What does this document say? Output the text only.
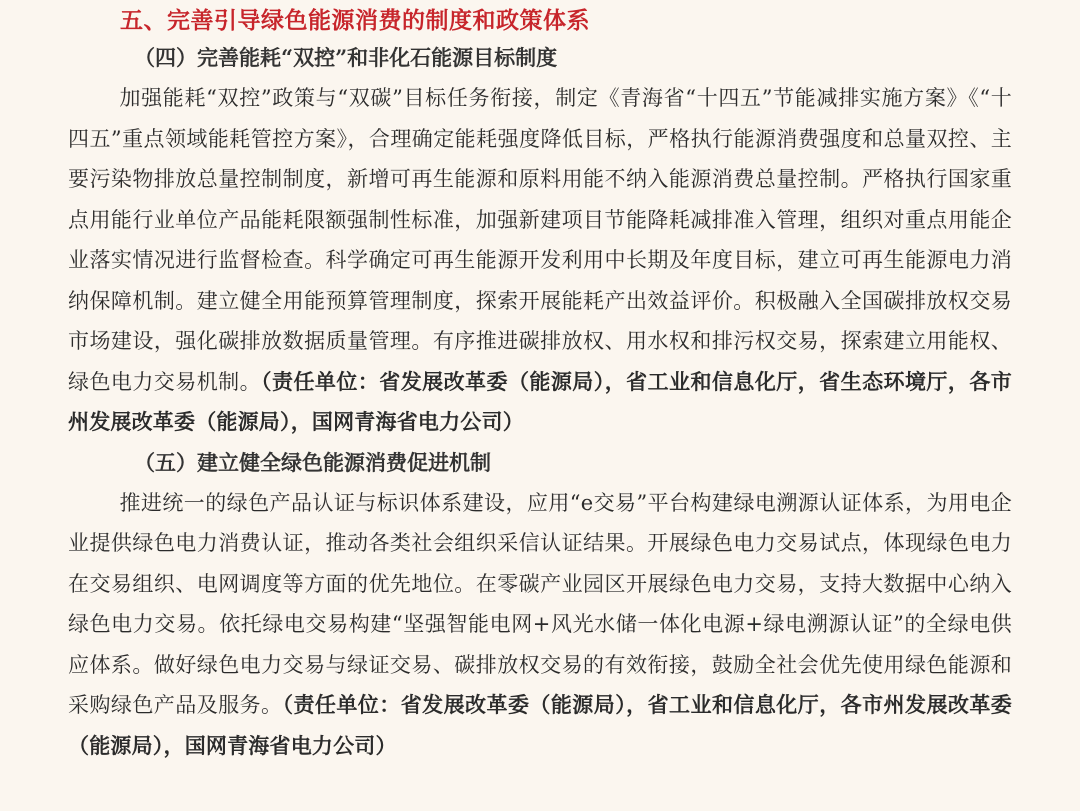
五、完善引导绿色能源消费的制度和政策体系
（四）完善能耗“双控”和非化石能源目标制度

加强能耗“双控”政策与“双碳”目标任务衔接，制定《青海省“十四五”节能减排实施方案》《“十四五”重点领域能耗管控方案》，合理确定能耗强度降低目标，严格执行能源消费强度和总量双控、主要污染物排放总量控制制度，新增可再生能源和原料用能不纳入能源消费总量控制。严格执行国家重点用能行业单位产品能耗限额强制性标准，加强新建项目节能降耗减排准入管理，组织对重点用能企业落实情况进行监督检查。科学确定可再生能源开发利用中长期及年度目标，建立可再生能源电力消纳保障机制。建立健全用能预算管理制度，探索开展能耗产出效益评价。积极融入全国碳排放权交易市场建设，强化碳排放数据质量管理。有序推进碳排放权、用水权和排污权交易，探索建立用能权、绿色电力交易机制。（责任单位：省发展改革委（能源局），省工业和信息化厅，省生态环境厅，各市州发展改革委（能源局），国网青海省电力公司）

（五）建立健全绿色能源消费促进机制

推进统一的绿色产品认证与标识体系建设，应用“e交易”平台构建绿电溯源认证体系，为用电企业提供绿色电力消费认证，推动各类社会组织采信认证结果。开展绿色电力交易试点，体现绿色电力在交易组织、电网调度等方面的优先地位。在零碳产业园区开展绿色电力交易，支持大数据中心纳入绿色电力交易。依托绿电交易构建“坚强智能电网+风光水储一体化电源+绿电溯源认证”的全绿电供应体系。做好绿色电力交易与绿证交易、碳排放权交易的有效衔接，鼓励全社会优先使用绿色能源和采购绿色产品及服务。（责任单位：省发展改革委（能源局），省工业和信息化厅，各市州发展改革委（能源局），国网青海省电力公司）
